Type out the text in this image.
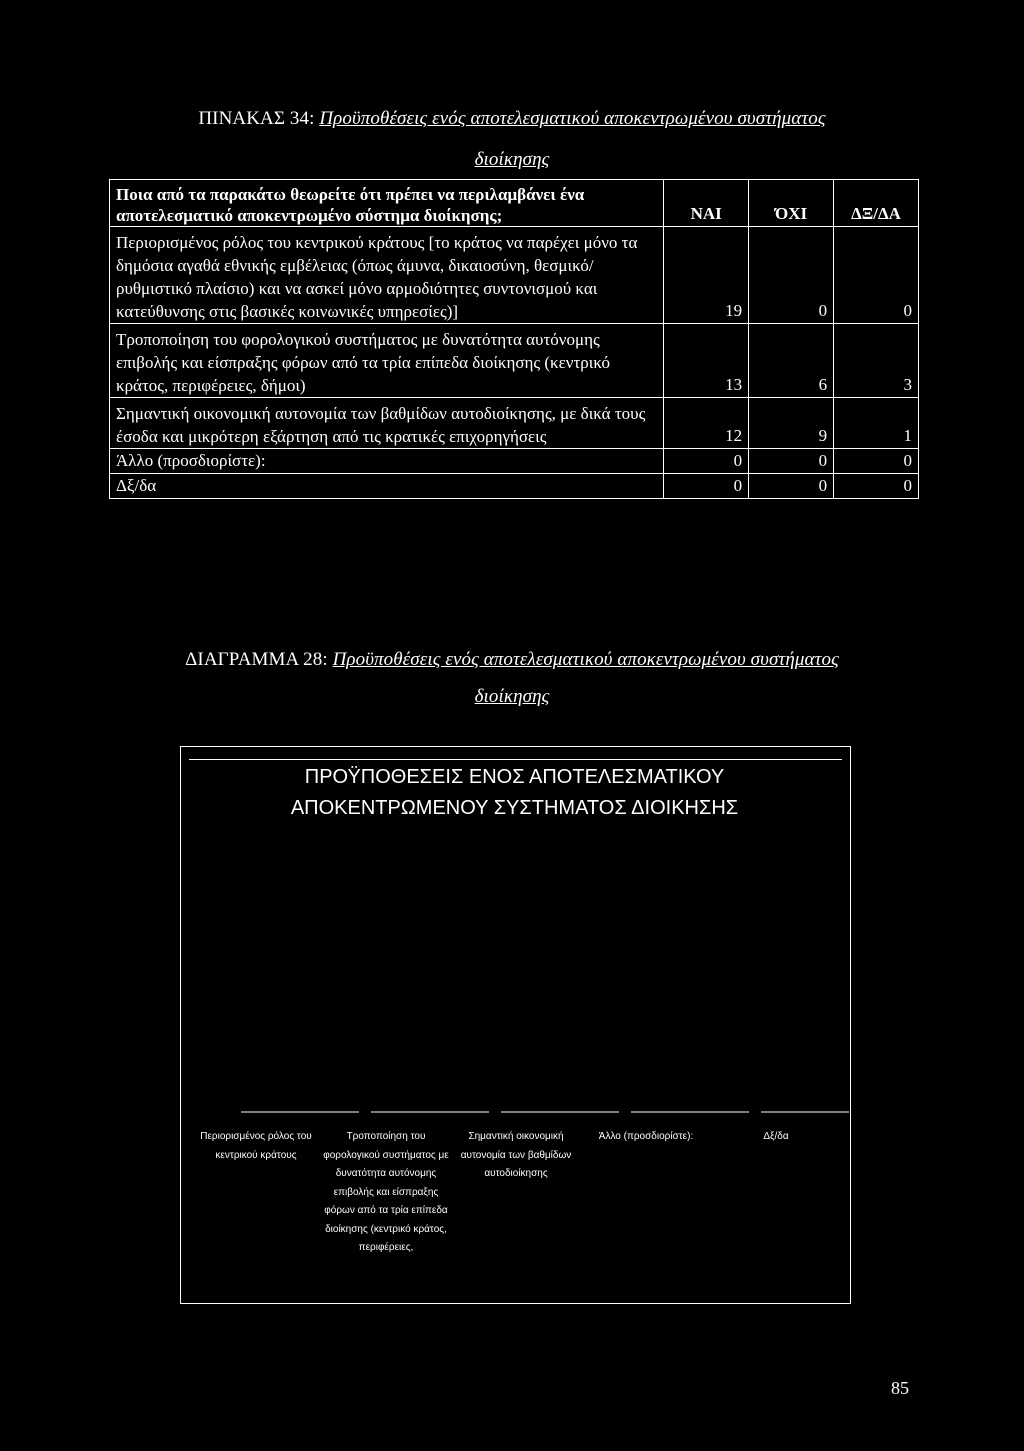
ΠΙΝΑΚΑΣ 34: Προϋποθέσεις ενός αποτελεσματικού αποκεντρωμένου συστήματος
διοίκησης
Ποια από τα παρακάτω θεωρείτε ότι πρέπει να περιλαμβάνει ένα αποτελεσματικό αποκεντρωμένο σύστημα διοίκησης;	ΝΑΙ	ΌΧΙ	ΔΞ/ΔΑ
Περιορισμένος ρόλος του κεντρικού κράτους [το κράτος να παρέχει μόνο τα δημόσια αγαθά εθνικής εμβέλειας (όπως άμυνα, δικαιοσύνη, θεσμικό/ρυθμιστικό πλαίσιο) και να ασκεί μόνο αρμοδιότητες συντονισμού και κατεύθυνσης στις βασικές κοινωνικές υπηρεσίες)]	19	0	0
Τροποποίηση του φορολογικού συστήματος με δυνατότητα αυτόνομης επιβολής και είσπραξης φόρων από τα τρία επίπεδα διοίκησης (κεντρικό κράτος, περιφέρειες, δήμοι)	13	6	3
Σημαντική οικονομική αυτονομία των βαθμίδων αυτοδιοίκησης, με δικά τους έσοδα και μικρότερη εξάρτηση από τις κρατικές επιχορηγήσεις	12	9	1
Άλλο (προσδιορίστε):	0	0	0
Δξ/δα	0	0	0
ΔΙΑΓΡΑΜΜΑ 28: Προϋποθέσεις ενός αποτελεσματικού αποκεντρωμένου συστήματος
διοίκησης
ΠΡΟΫΠΟΘΕΣΕΙΣ ΕΝΟΣ ΑΠΟΤΕΛΕΣΜΑΤΙΚΟΥ
ΑΠΟΚΕΝΤΡΩΜΕΝΟΥ ΣΥΣΤΗΜΑΤΟΣ ΔΙΟΙΚΗΣΗΣ
Περιορισμένος ρόλος του κεντρικού κράτους
Τροποποίηση του φορολογικού συστήματος με δυνατότητα αυτόνομης επιβολής και είσπραξης φόρων από τα τρία επίπεδα διοίκησης (κεντρικό κράτος, περιφέρειες,
Σημαντική οικονομική αυτονομία των βαθμίδων αυτοδιοίκησης
Άλλο (προσδιορίστε):	Δξ/δα
85
